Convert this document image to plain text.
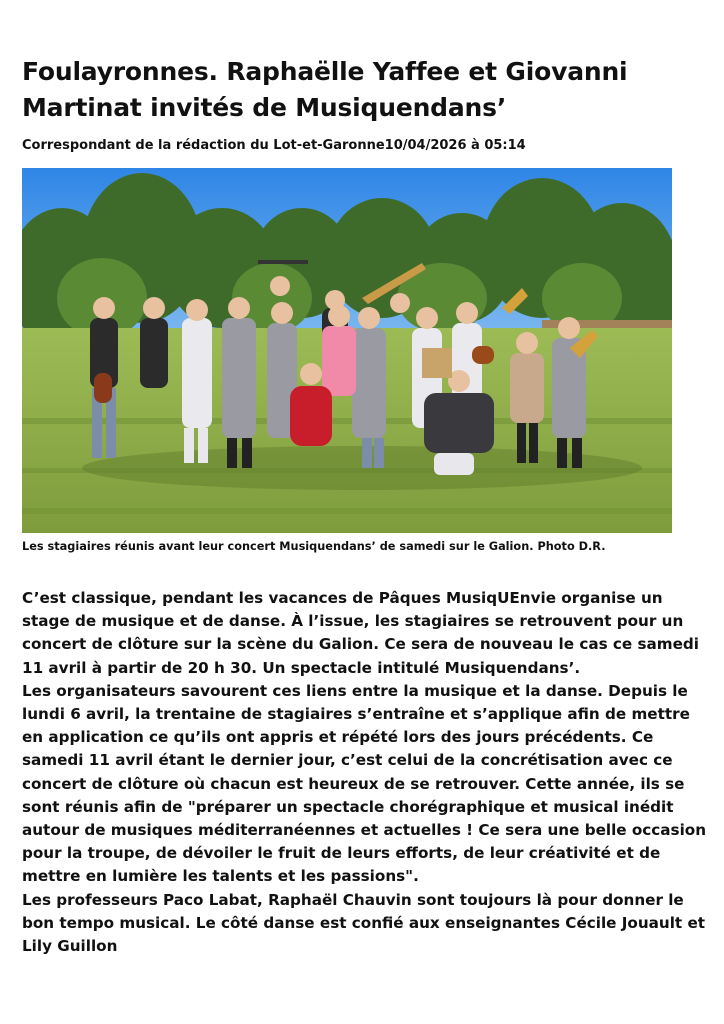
Foulayronnes. Raphaëlle Yaffee et Giovanni Martinat invités de Musiquendans’
Correspondant de la rédaction du Lot-et-Garonne10/04/2026 à 05:14
Les stagiaires réunis avant leur concert Musiquendans’ de samedi sur le Galion. Photo D.R.

C’est classique, pendant les vacances de Pâques MusiqUEnvie organise un stage de musique et de danse. À l’issue, les stagiaires se retrouvent pour un concert de clôture sur la scène du Galion. Ce sera de nouveau le cas ce samedi 11 avril à partir de 20 h 30. Un spectacle intitulé Musiquendans’.

Les organisateurs savourent ces liens entre la musique et la danse. Depuis le lundi 6 avril, la trentaine de stagiaires s’entraîne et s’applique afin de mettre en application ce qu’ils ont appris et répété lors des jours précédents. Ce samedi 11 avril étant le dernier jour, c’est celui de la concrétisation avec ce concert de clôture où chacun est heureux de se retrouver. Cette année, ils se sont réunis afin de "préparer un spectacle chorégraphique et musical inédit autour de musiques méditerranéennes et actuelles ! Ce sera une belle occasion pour la troupe, de dévoiler le fruit de leurs efforts, de leur créativité et de mettre en lumière les talents et les passions".

Les professeurs Paco Labat, Raphaël Chauvin sont toujours là pour donner le bon tempo musical. Le côté danse est confié aux enseignantes Cécile Jouault et Lily Guillon
